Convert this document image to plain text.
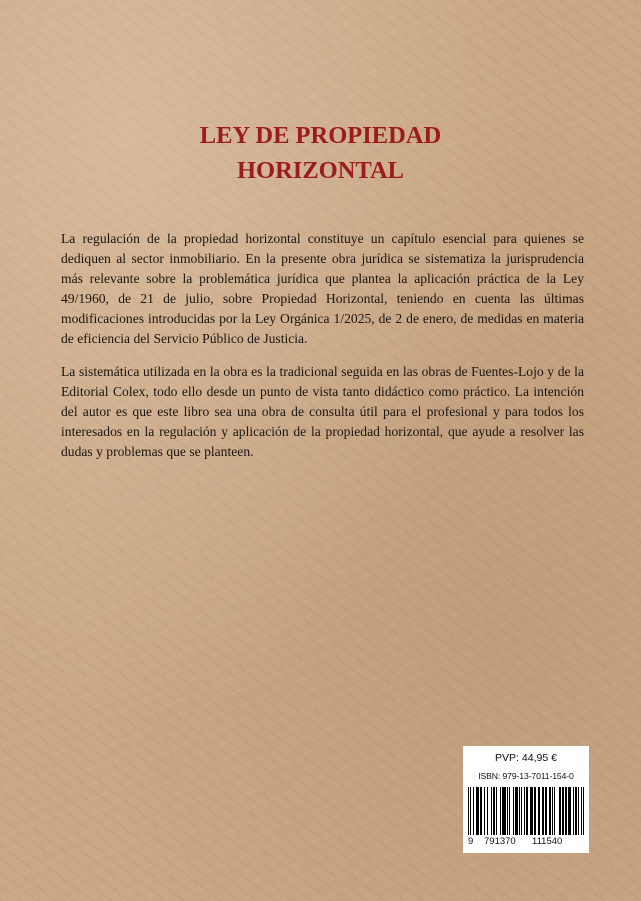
LEY DE PROPIEDAD
HORIZONTAL

La regulación de la propiedad horizontal constituye un capítulo esencial para quienes se dediquen al sector inmobiliario. En la presente obra jurídica se sistematiza la jurisprudencia más relevante sobre la problemática jurídica que plantea la aplicación práctica de la Ley 49/1960, de 21 de julio, sobre Propiedad Horizontal, teniendo en cuenta las últimas modificaciones introducidas por la Ley Orgánica 1/2025, de 2 de enero, de medidas en materia de eficiencia del Servicio Público de Justicia.

La sistemática utilizada en la obra es la tradicional seguida en las obras de Fuentes-Lojo y de la Editorial Colex, todo ello desde un punto de vista tanto didáctico como práctico. La intención del autor es que este libro sea una obra de consulta útil para el profesional y para todos los interesados en la regulación y aplicación de la propiedad horizontal, que ayude a resolver las dudas y problemas que se planteen.

PVP: 44,95 €
ISBN: 979-13-7011-154-0
9 791370 111540
